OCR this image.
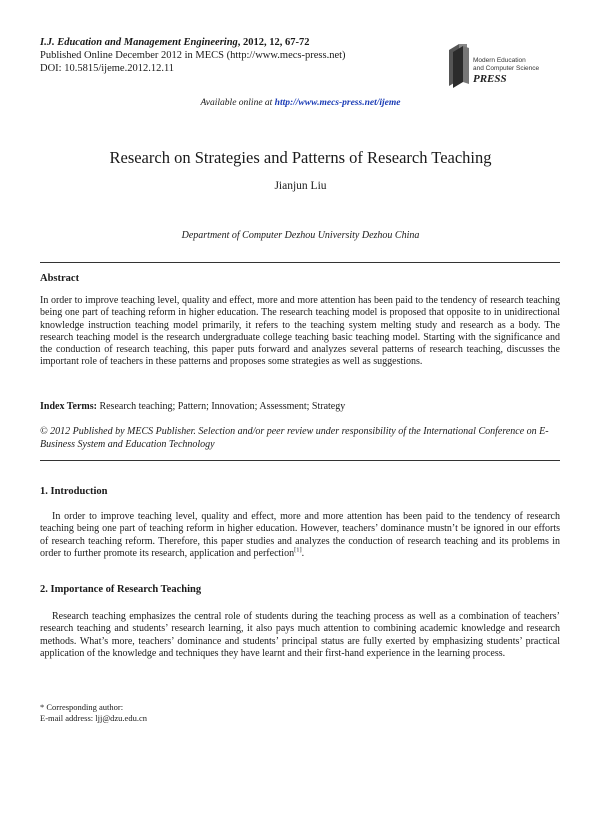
I.J. Education and Management Engineering, 2012, 12, 67-72
Published Online December 2012 in MECS (http://www.mecs-press.net)
DOI: 10.5815/ijeme.2012.12.11
Modern Education
and Computer Science
PRESS
Available online at http://www.mecs-press.net/ijeme
Research on Strategies and Patterns of Research Teaching
Jianjun Liu
Department of Computer Dezhou University Dezhou China
Abstract
In order to improve teaching level, quality and effect, more and more attention has been paid to the tendency of research teaching being one part of teaching reform in higher education. The research teaching model is proposed that opposite to in unidirectional knowledge instruction teaching model primarily, it refers to the teaching system melting study and research as a body. The research teaching model is the research undergraduate college teaching basic teaching model. Starting with the significance and the conduction of research teaching, this paper puts forward and analyzes several patterns of research teaching, discusses the important role of teachers in these patterns and proposes some strategies as well as suggestions.
Index Terms: Research teaching; Pattern; Innovation; Assessment; Strategy
© 2012 Published by MECS Publisher. Selection and/or peer review under responsibility of the International Conference on E-Business System and Education Technology
1. Introduction
In order to improve teaching level, quality and effect, more and more attention has been paid to the tendency of research teaching being one part of teaching reform in higher education. However, teachers’ dominance mustn’t be ignored in our efforts of research teaching reform. Therefore, this paper studies and analyzes the conduction of research teaching and its problems in order to further promote its research, application and perfection[1].
2. Importance of Research Teaching
Research teaching emphasizes the central role of students during the teaching process as well as a combination of teachers’ research teaching and students’ research learning, it also pays much attention to combining academic knowledge and research methods. What’s more, teachers’ dominance and students’ principal status are fully exerted by emphasizing students’ practical application of the knowledge and techniques they have learnt and their first-hand experience in the learning process.
* Corresponding author:
E-mail address: ljj@dzu.edu.cn
